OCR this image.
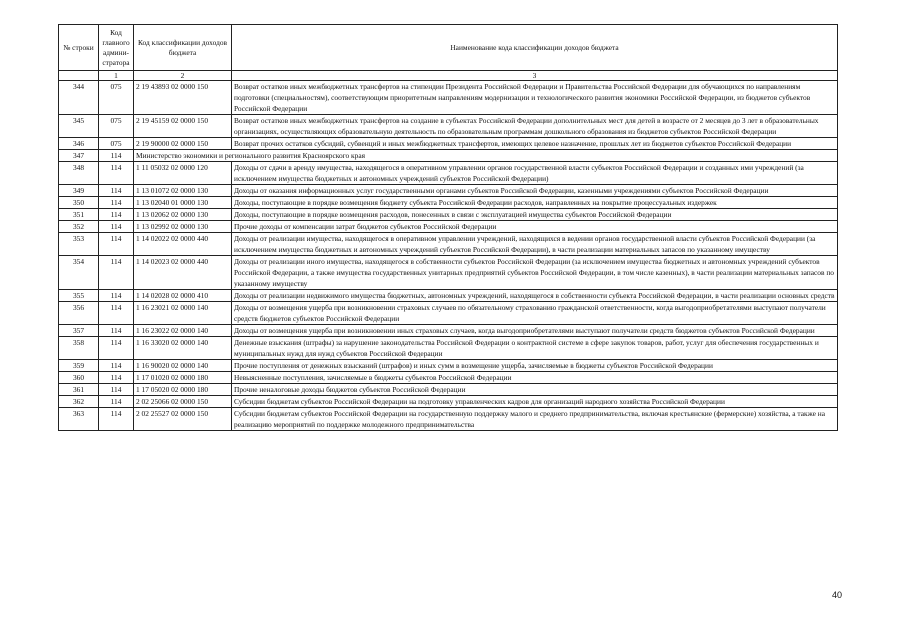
№ строки	Код главного админи-стратора	Код классификации доходов бюджета	Наименование кода классификации доходов бюджета
	1	2	3
344	075	2 19 43893 02 0000 150	Возврат остатков иных межбюджетных трансфертов на стипендии Президента Российской Федерации и Правительства Российской Федерации для обучающихся по направлениям подготовки (специальностям), соответствующим приоритетным направлениям модернизации и технологического развития экономики Российской Федерации, из бюджетов субъектов Российской Федерации
345	075	2 19 45159 02 0000 150	Возврат остатков иных межбюджетных трансфертов на создание в субъектах Российской Федерации дополнительных мест для детей в возрасте от 2 месяцев до 3 лет в образовательных организациях, осуществляющих образовательную деятельность по образовательным программам дошкольного образования из бюджетов субъектов Российской Федерации
346	075	2 19 90000 02 0000 150	Возврат прочих остатков субсидий, субвенций и иных межбюджетных трансфертов, имеющих целевое назначение, прошлых лет из бюджетов субъектов Российской Федерации
347	114	Министерство экономики и регионального развития Красноярского края	
348	114	1 11 05032 02 0000 120	Доходы от сдачи в аренду имущества, находящегося в оперативном управлении органов государственной власти субъектов Российской Федерации и созданных ими учреждений (за исключением имущества бюджетных и автономных учреждений субъектов Российской Федерации)
349	114	1 13 01072 02 0000 130	Доходы от оказания информационных услуг государственными органами субъектов Российской Федерации, казенными учреждениями субъектов Российской Федерации
350	114	1 13 02040 01 0000 130	Доходы, поступающие в порядке возмещения бюджету субъекта Российской Федерации расходов, направленных на покрытие процессуальных издержек
351	114	1 13 02062 02 0000 130	Доходы, поступающие в порядке возмещения расходов, понесенных в связи с эксплуатацией имущества субъектов Российской Федерации
352	114	1 13 02992 02 0000 130	Прочие доходы от компенсации затрат бюджетов субъектов Российской Федерации
353	114	1 14 02022 02 0000 440	Доходы от реализации имущества, находящегося в оперативном управлении учреждений, находящихся в ведении органов государственной власти субъектов Российской Федерации (за исключением имущества бюджетных и автономных учреждений субъектов Российской Федерации), в части реализации материальных запасов по указанному имуществу
354	114	1 14 02023 02 0000 440	Доходы от реализации иного имущества, находящегося в собственности субъектов Российской Федерации (за исключением имущества бюджетных и автономных учреждений субъектов Российской Федерации, а также имущества государственных унитарных предприятий субъектов Российской Федерации, в том числе казенных), в части реализации материальных запасов по указанному имуществу
355	114	1 14 02028 02 0000 410	Доходы от реализации недвижимого имущества бюджетных, автономных учреждений, находящегося в собственности субъекта Российской Федерации, в части реализации основных средств
356	114	1 16 23021 02 0000 140	Доходы от возмещения ущерба при возникновении страховых случаев по обязательному страхованию гражданской ответственности, когда выгодоприобретателями выступают получатели средств бюджетов субъектов Российской Федерации
357	114	1 16 23022 02 0000 140	Доходы от возмещения ущерба при возникновении иных страховых случаев, когда выгодоприобретателями выступают получатели средств бюджетов субъектов Российской Федерации
358	114	1 16 33020 02 0000 140	Денежные взыскания (штрафы) за нарушение законодательства Российской Федерации о контрактной системе в сфере закупок товаров, работ, услуг для обеспечения государственных и муниципальных нужд для нужд субъектов Российской Федерации
359	114	1 16 90020 02 0000 140	Прочие поступления от денежных взысканий (штрафов) и иных сумм в возмещение ущерба, зачисляемые в бюджеты субъектов Российской Федерации
360	114	1 17 01020 02 0000 180	Невыясненные поступления, зачисляемые в бюджеты субъектов Российской Федерации
361	114	1 17 05020 02 0000 180	Прочие неналоговые доходы бюджетов субъектов Российской Федерации
362	114	2 02 25066 02 0000 150	Субсидии бюджетам субъектов Российской Федерации на подготовку управленческих кадров для организаций народного хозяйства Российской Федерации
363	114	2 02 25527 02 0000 150	Субсидии бюджетам субъектов Российской Федерации на государственную поддержку малого и среднего предпринимательства, включая крестьянские (фермерские) хозяйства, а также на реализацию мероприятий по поддержке молодежного предпринимательства
40
